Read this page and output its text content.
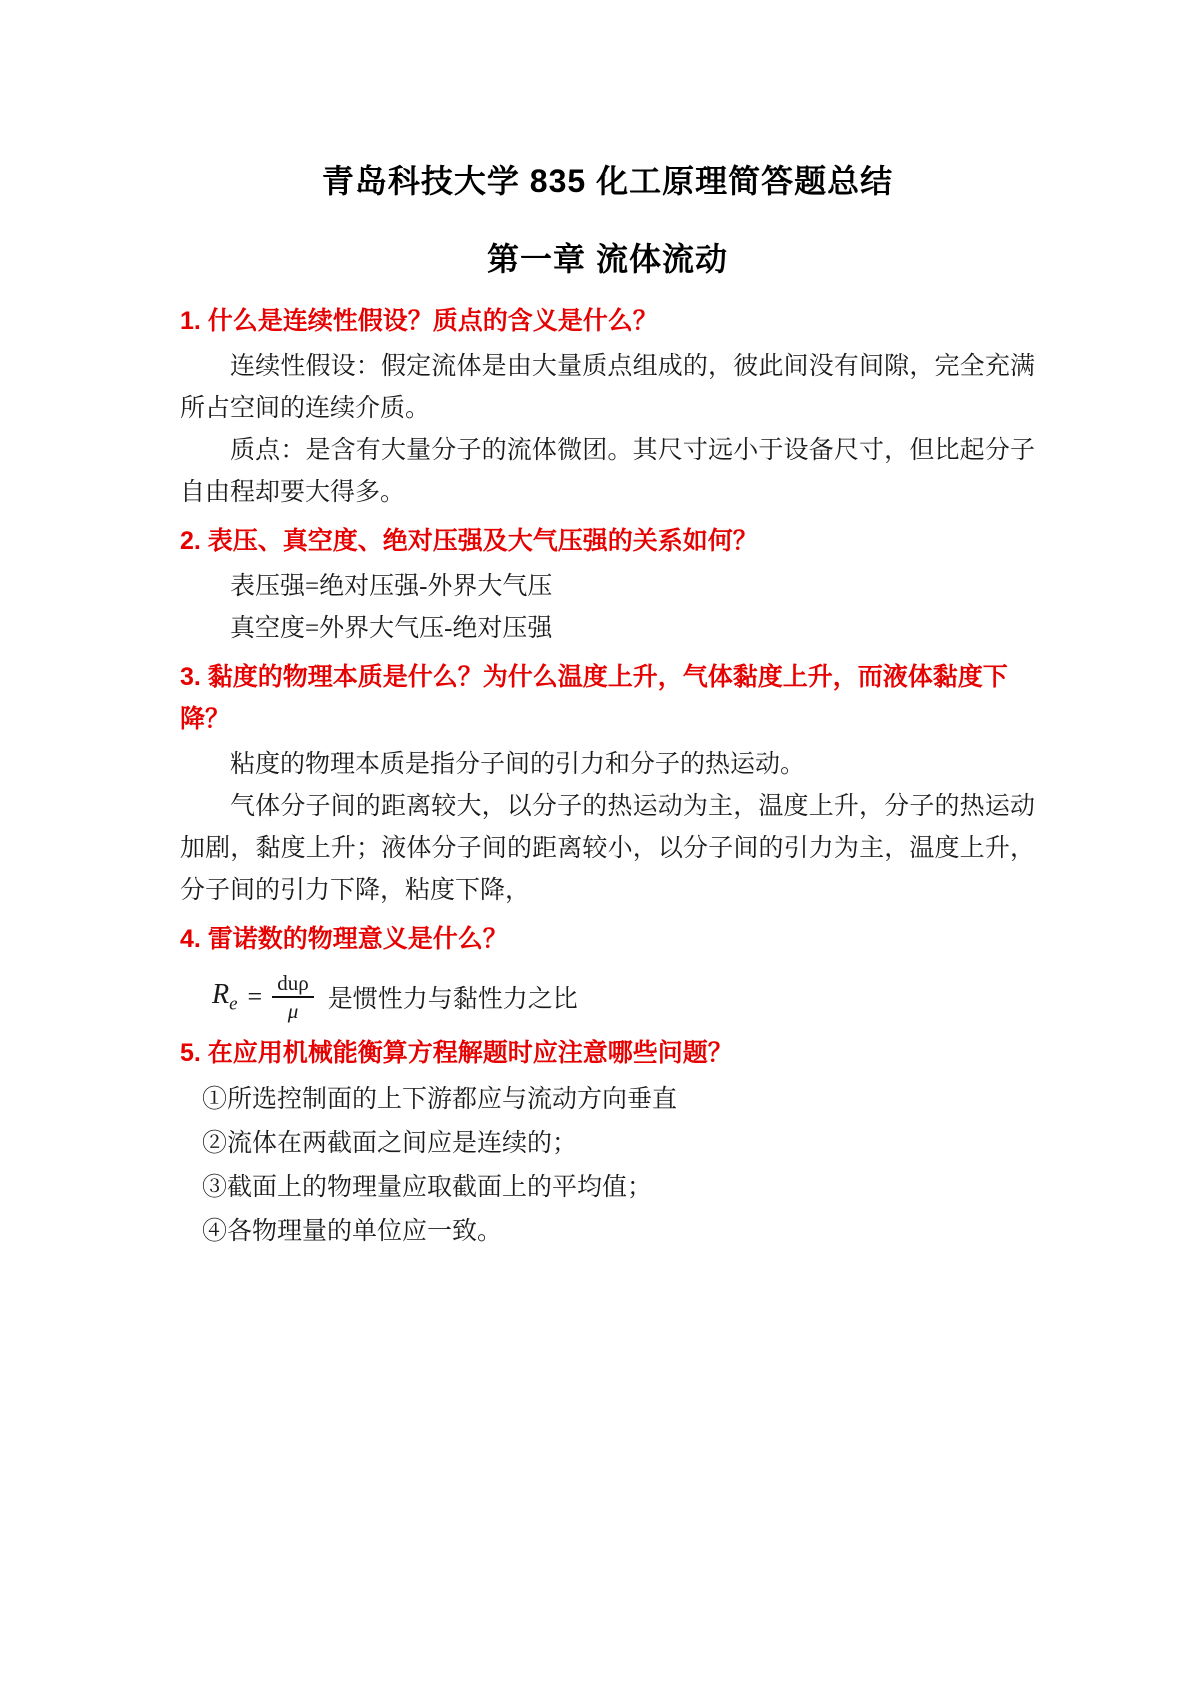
青岛科技大学 835 化工原理简答题总结
第一章 流体流动
1. 什么是连续性假设？质点的含义是什么？

连续性假设：假定流体是由大量质点组成的，彼此间没有间隙，完全充满所占空间的连续介质。

质点：是含有大量分子的流体微团。其尺寸远小于设备尺寸，但比起分子自由程却要大得多。

2. 表压、真空度、绝对压强及大气压强的关系如何？

表压强=绝对压强-外界大气压

真空度=外界大气压-绝对压强

3. 黏度的物理本质是什么？为什么温度上升，气体黏度上升，而液体黏度下降？

粘度的物理本质是指分子间的引力和分子的热运动。

气体分子间的距离较大，以分子的热运动为主，温度上升，分子的热运动加剧，黏度上升；液体分子间的距离较小，以分子间的引力为主，温度上升，分子间的引力下降，粘度下降，

4. 雷诺数的物理意义是什么？
$R_e = \frac{\text{duρ}}{\mu}$ 是惯性力与黏性力之比
5. 在应用机械能衡算方程解题时应注意哪些问题？

①所选控制面的上下游都应与流动方向垂直

②流体在两截面之间应是连续的；

③截面上的物理量应取截面上的平均值；

④各物理量的单位应一致。
